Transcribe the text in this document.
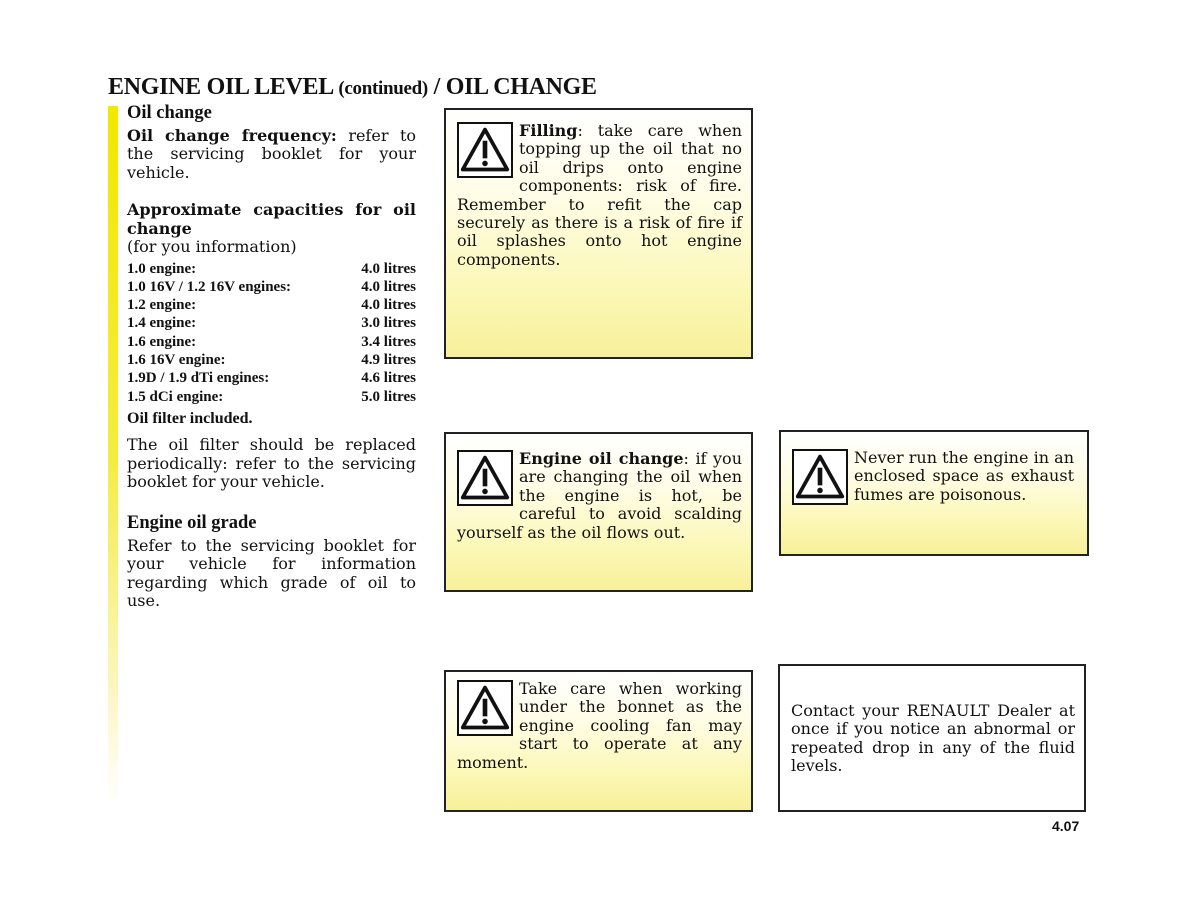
ENGINE OIL LEVEL (continued) / OIL CHANGE
Oil change
Oil change frequency: refer to the servicing booklet for your vehicle.
Approximate capacities for oil change
(for you information)
1.0 engine:	4.0 litres
1.0 16V / 1.2 16V engines:	4.0 litres
1.2 engine:	4.0 litres
1.4 engine:	3.0 litres
1.6 engine:	3.4 litres
1.6 16V engine:	4.9 litres
1.9D / 1.9 dTi engines:	4.6 litres
1.5 dCi engine:	5.0 litres
Oil filter included.
The oil filter should be replaced periodically: refer to the servicing booklet for your vehicle.
Engine oil grade
Refer to the servicing booklet for your vehicle for information regarding which grade of oil to use.
Filling: take care when topping up the oil that no oil drips onto engine components: risk of fire. Remember to refit the cap securely as there is a risk of fire if oil splashes onto hot engine components.
Engine oil change: if you are changing the oil when the engine is hot, be careful to avoid scalding yourself as the oil flows out.
Never run the engine in an enclosed space as exhaust fumes are poisonous.
Take care when working under the bonnet as the engine cooling fan may start to operate at any moment.
Contact your RENAULT Dealer at once if you notice an abnormal or repeated drop in any of the fluid levels.
4.07
